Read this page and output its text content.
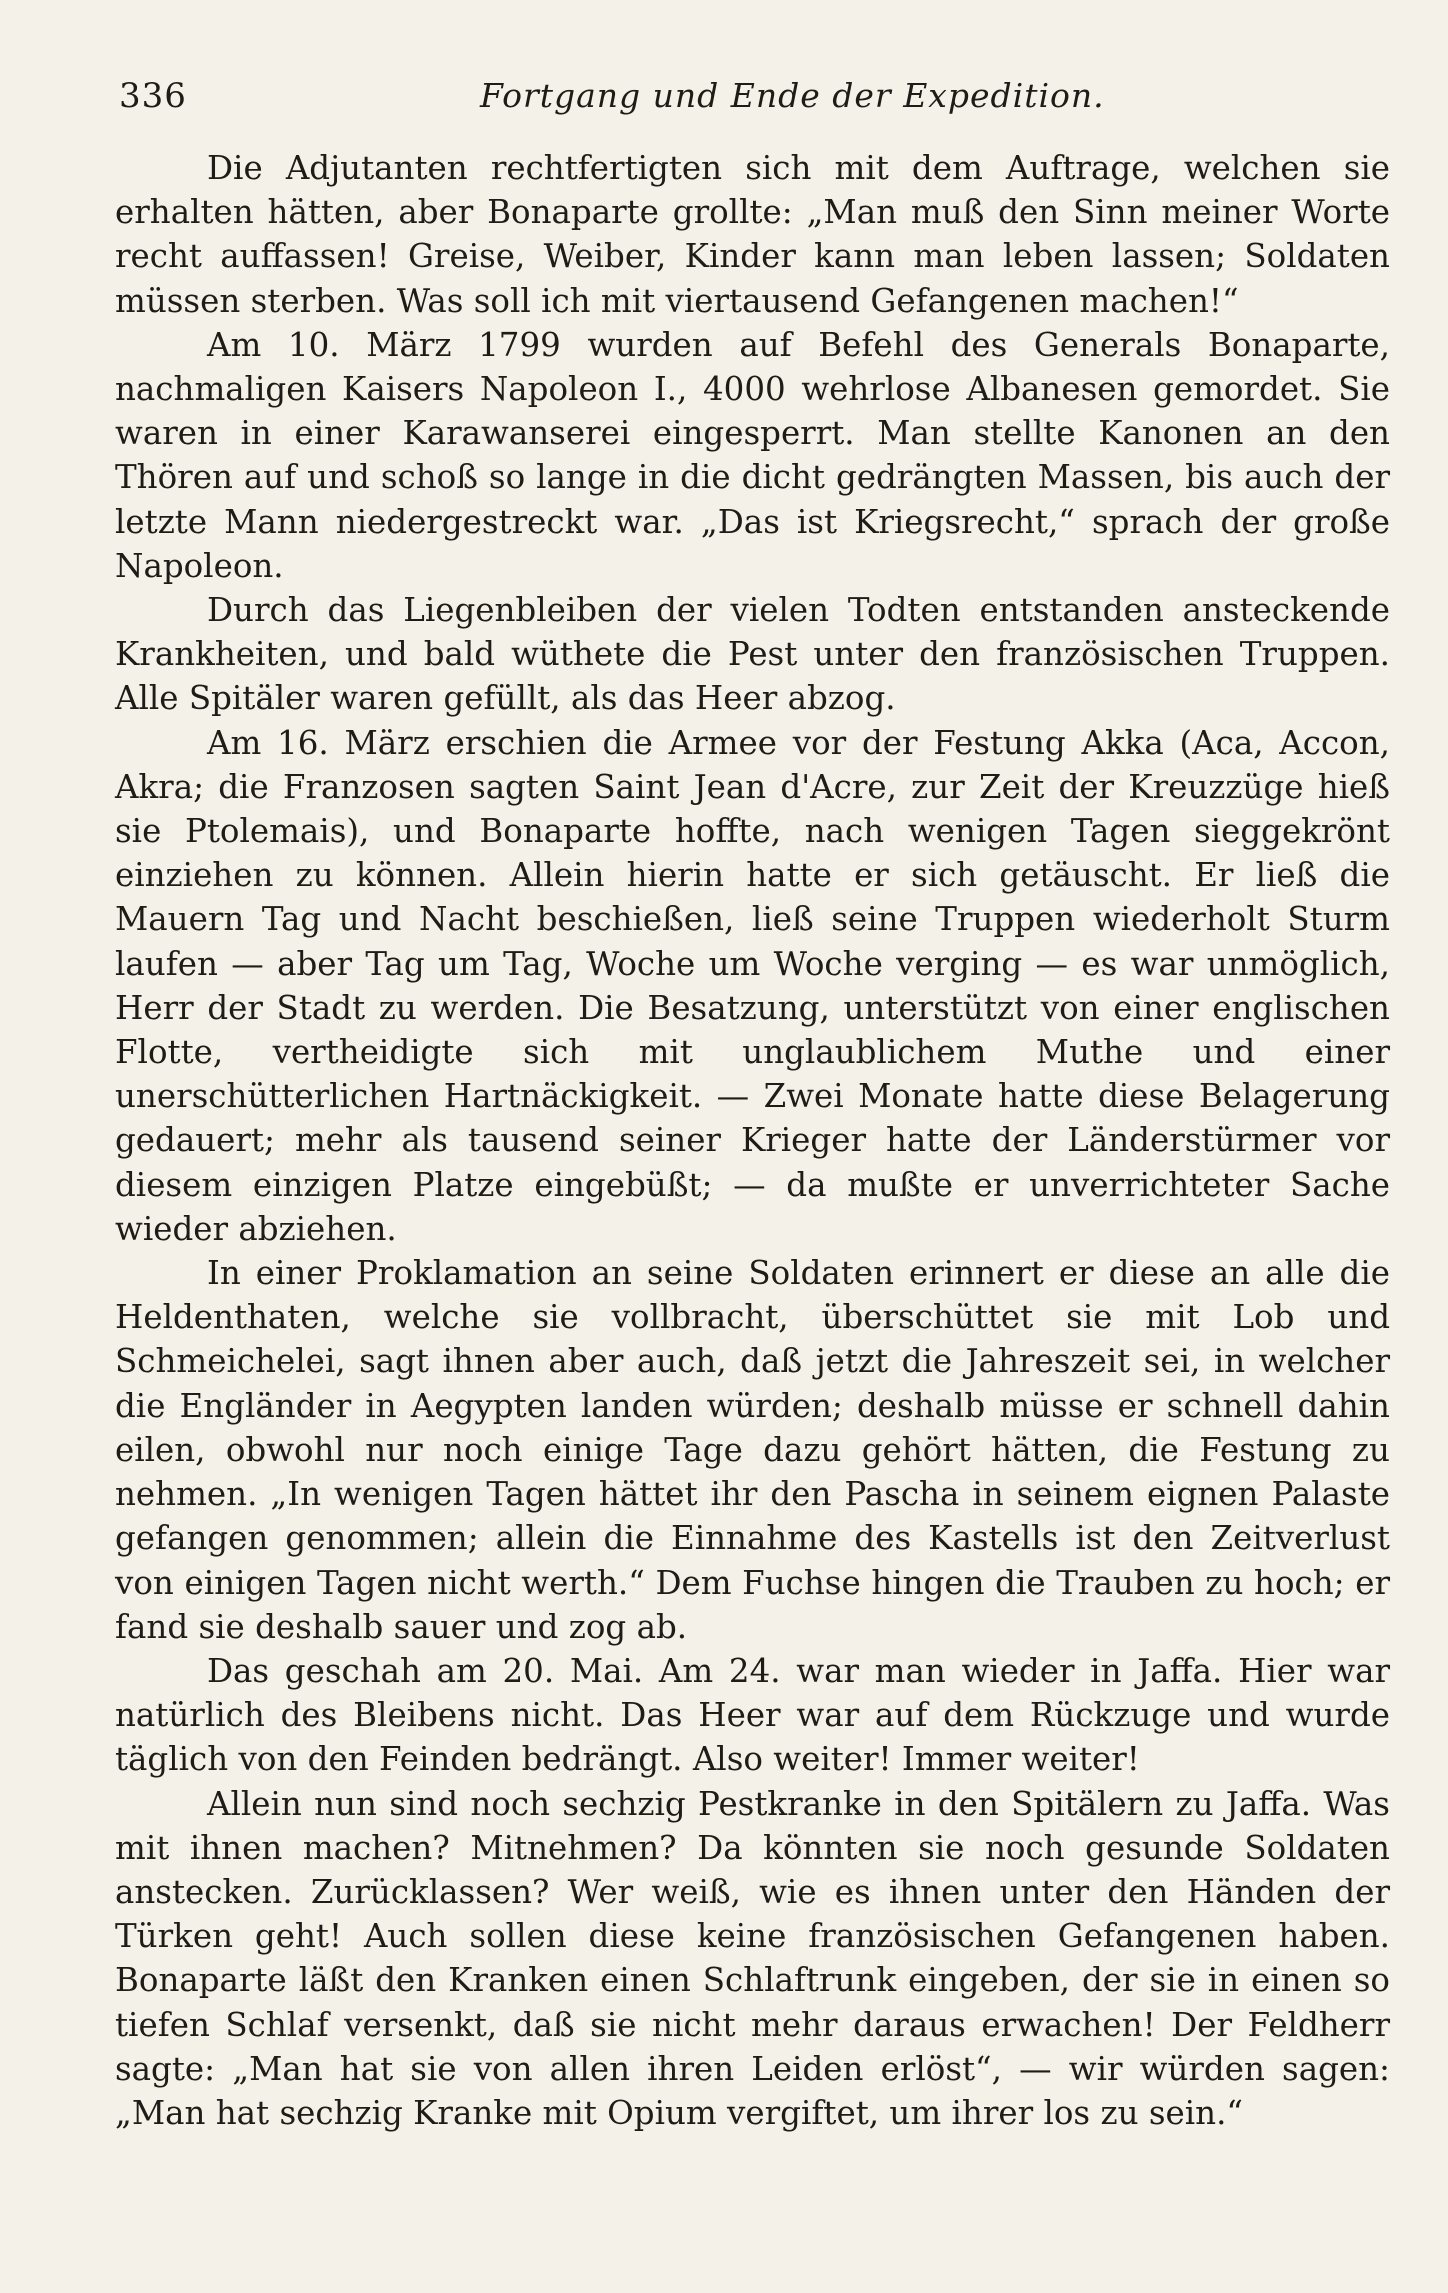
336	Fortgang und Ende der Expedition.

Die Adjutanten rechtfertigten sich mit dem Auftrage, welchen sie erhalten hätten, aber Bonaparte grollte: „Man muß den Sinn meiner Worte recht auffassen! Greise, Weiber, Kinder kann man leben lassen; Soldaten müssen sterben. Was soll ich mit viertausend Gefangenen machen!“

Am 10. März 1799 wurden auf Befehl des Generals Bonaparte, nachmaligen Kaisers Napoleon I., 4000 wehrlose Albanesen gemordet. Sie waren in einer Karawanserei eingesperrt. Man stellte Kanonen an den Thören auf und schoß so lange in die dicht gedrängten Massen, bis auch der letzte Mann niedergestreckt war. „Das ist Kriegsrecht,“ sprach der große Napoleon.

Durch das Liegenbleiben der vielen Todten entstanden ansteckende Krankheiten, und bald wüthete die Pest unter den französischen Truppen. Alle Spitäler waren gefüllt, als das Heer abzog.

Am 16. März erschien die Armee vor der Festung Akka (Aca, Accon, Akra; die Franzosen sagten Saint Jean d'Acre, zur Zeit der Kreuzzüge hieß sie Ptolemais), und Bonaparte hoffte, nach wenigen Tagen sieggekrönt einziehen zu können. Allein hierin hatte er sich getäuscht. Er ließ die Mauern Tag und Nacht beschießen, ließ seine Truppen wiederholt Sturm laufen — aber Tag um Tag, Woche um Woche verging — es war unmöglich, Herr der Stadt zu werden. Die Besatzung, unterstützt von einer englischen Flotte, vertheidigte sich mit unglaublichem Muthe und einer unerschütterlichen Hartnäckigkeit. — Zwei Monate hatte diese Belagerung gedauert; mehr als tausend seiner Krieger hatte der Länderstürmer vor diesem einzigen Platze eingebüßt; — da mußte er unverrichteter Sache wieder abziehen.

In einer Proklamation an seine Soldaten erinnert er diese an alle die Heldenthaten, welche sie vollbracht, überschüttet sie mit Lob und Schmeichelei, sagt ihnen aber auch, daß jetzt die Jahreszeit sei, in welcher die Engländer in Aegypten landen würden; deshalb müsse er schnell dahin eilen, obwohl nur noch einige Tage dazu gehört hätten, die Festung zu nehmen. „In wenigen Tagen hättet ihr den Pascha in seinem eignen Palaste gefangen genommen; allein die Einnahme des Kastells ist den Zeitverlust von einigen Tagen nicht werth.“ Dem Fuchse hingen die Trauben zu hoch; er fand sie deshalb sauer und zog ab.

Das geschah am 20. Mai. Am 24. war man wieder in Jaffa. Hier war natürlich des Bleibens nicht. Das Heer war auf dem Rückzuge und wurde täglich von den Feinden bedrängt. Also weiter! Immer weiter!

Allein nun sind noch sechzig Pestkranke in den Spitälern zu Jaffa. Was mit ihnen machen? Mitnehmen? Da könnten sie noch gesunde Soldaten anstecken. Zurücklassen? Wer weiß, wie es ihnen unter den Händen der Türken geht! Auch sollen diese keine französischen Gefangenen haben. Bonaparte läßt den Kranken einen Schlaftrunk eingeben, der sie in einen so tiefen Schlaf versenkt, daß sie nicht mehr daraus erwachen! Der Feldherr sagte: „Man hat sie von allen ihren Leiden erlöst“, — wir würden sagen: „Man hat sechzig Kranke mit Opium vergiftet, um ihrer los zu sein.“
